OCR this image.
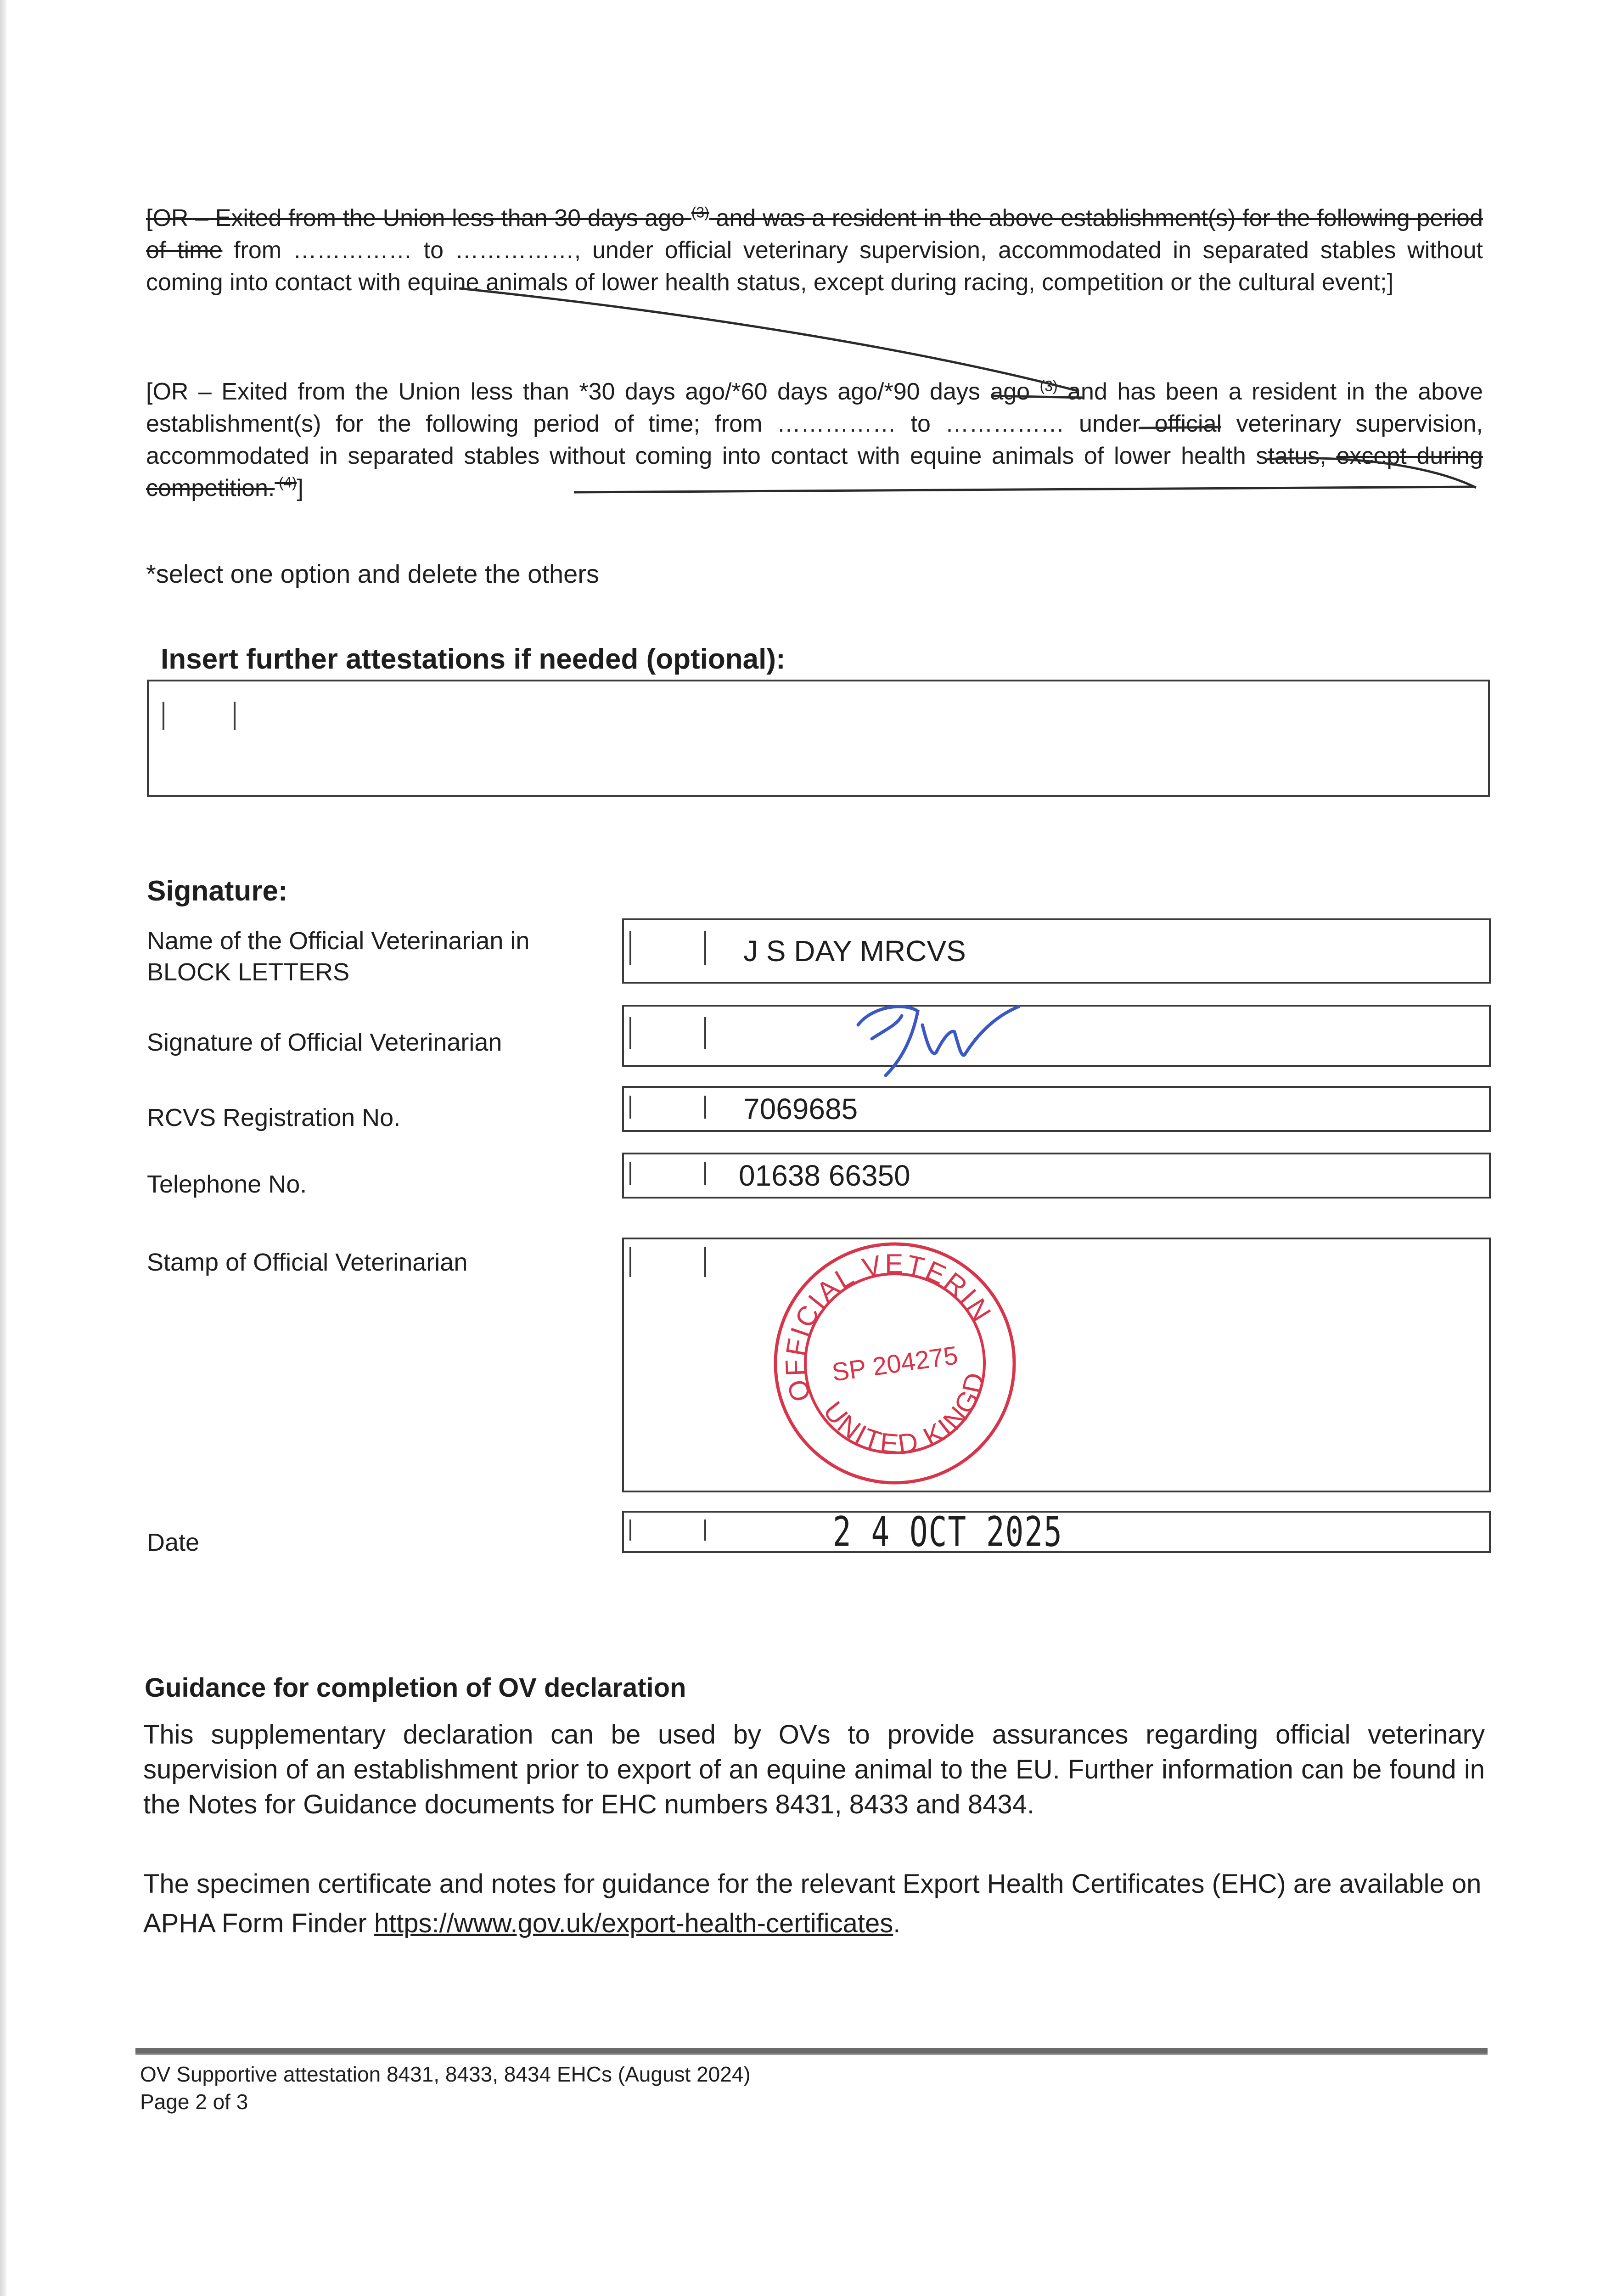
[OR – Exited from the Union less than 30 days ago $^{(3)}$ and was a resident in the above establishment(s) for the following period of time from …………… to ……………, under official veterinary supervision, accommodated in separated stables without coming into contact with equine animals of lower health status, except during racing, competition or the cultural event;]

[OR – Exited from the Union less than *30 days ago/*60 days ago/*90 days ago $^{(3)}$ and has been a resident in the above establishment(s) for the following period of time; from …………… to …………… under official veterinary supervision, accommodated in separated stables without coming into contact with equine animals of lower health status, except during competition. $^{(4)}$]

*select one option and delete the others

Insert further attestations if needed (optional):

Signature:

Name of the Official Veterinarian in BLOCK LETTERS

J S DAY MRCVS

Signature of Official Veterinarian

RCVS Registration No.	7069685

Telephone No.	01638 66350

Stamp of Official Veterinarian

OFFICIAL VETERINARIAN
UNITED KINGDOM
SP 204275

Date	2 4 OCT 2025

Guidance for completion of OV declaration

This supplementary declaration can be used by OVs to provide assurances regarding official veterinary supervision of an establishment prior to export of an equine animal to the EU. Further information can be found in the Notes for Guidance documents for EHC numbers 8431, 8433 and 8434.

The specimen certificate and notes for guidance for the relevant Export Health Certificates (EHC) are available on APHA Form Finder https://www.gov.uk/export-health-certificates.

OV Supportive attestation 8431, 8433, 8434 EHCs (August 2024)

Page 2 of 3
